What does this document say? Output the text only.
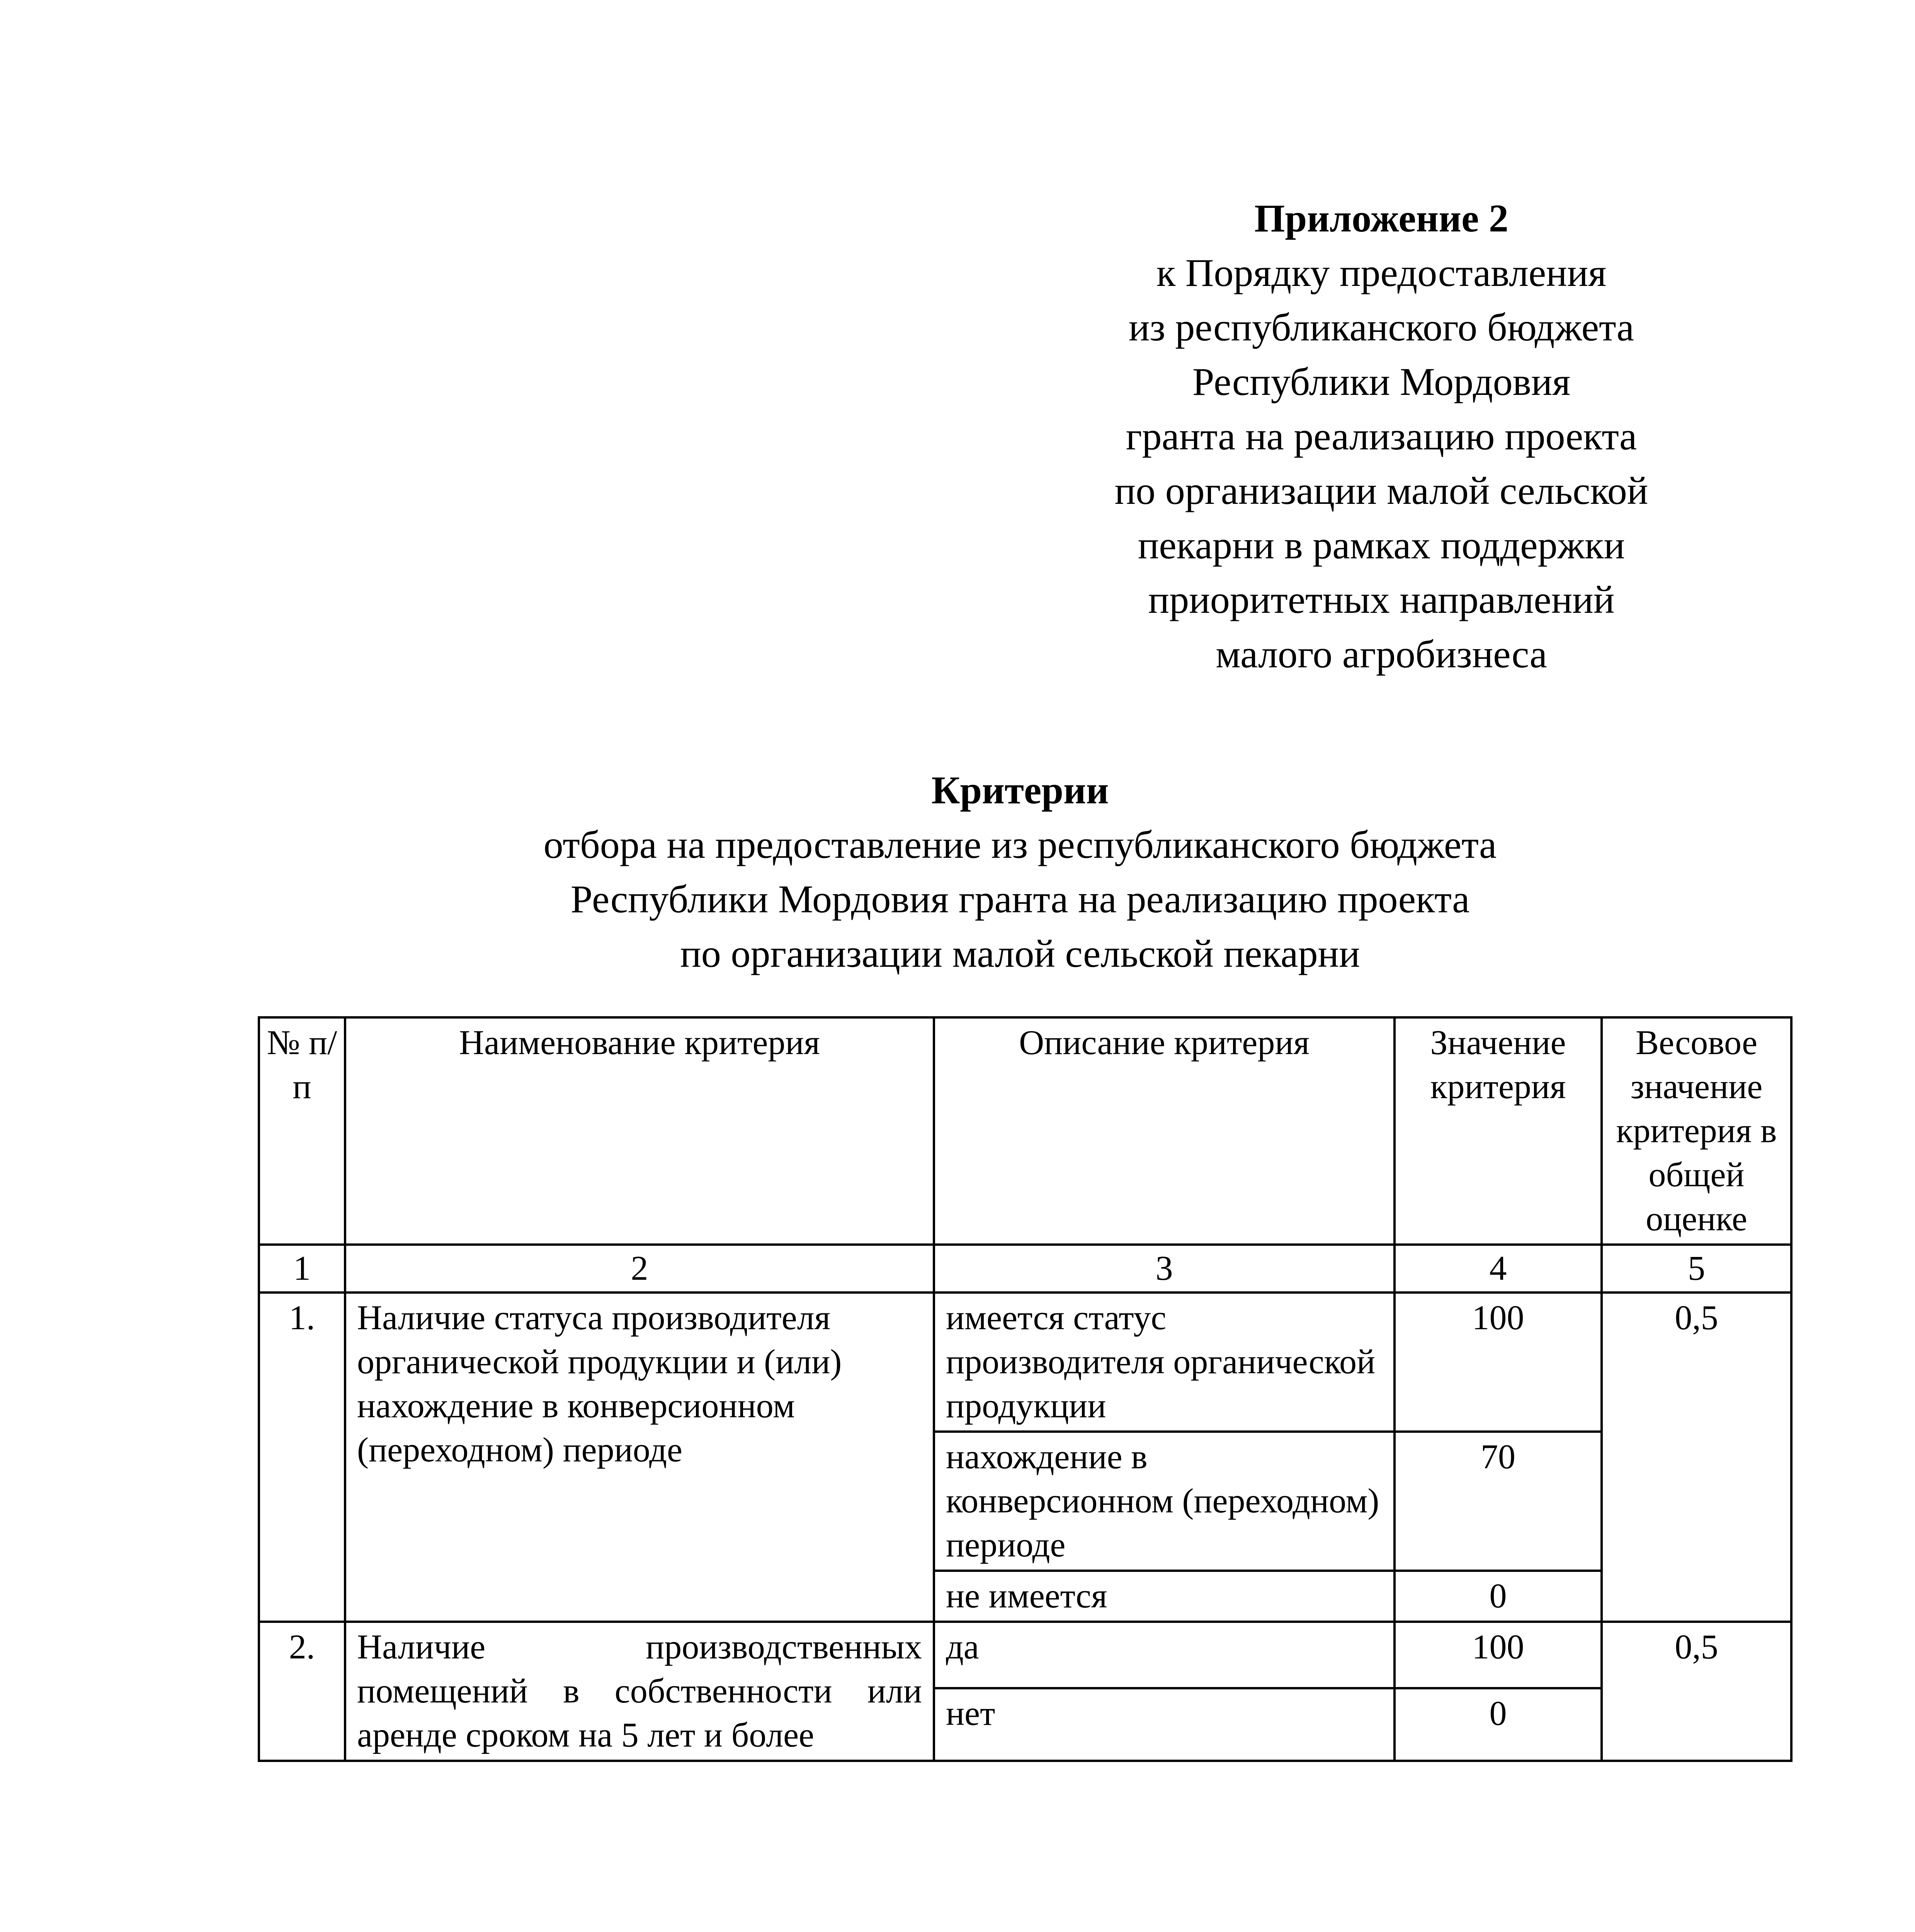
Приложение 2
к Порядку предоставления
из республиканского бюджета
Республики Мордовия
гранта на реализацию проекта
по организации малой сельской
пекарни в рамках поддержки
приоритетных направлений
малого агробизнеса
Критерии
отбора на предоставление из республиканского бюджета
Республики Мордовия гранта на реализацию проекта
по организации малой сельской пекарни
№ п/п	Наименование критерия	Описание критерия	Значение критерия	Весовое значение критерия в общей оценке
1	2	3	4	5
1.	Наличие статуса производителя органической продукции и (или) нахождение в конверсионном (переходном) периоде	имеется статус производителя органической продукции	100	0,5
		нахождение в конверсионном (переходном) периоде	70	
		не имеется	0	
2.	Наличие производственных помещений в собственности или аренде сроком на 5 лет и более	да	100	0,5
		нет	0	
